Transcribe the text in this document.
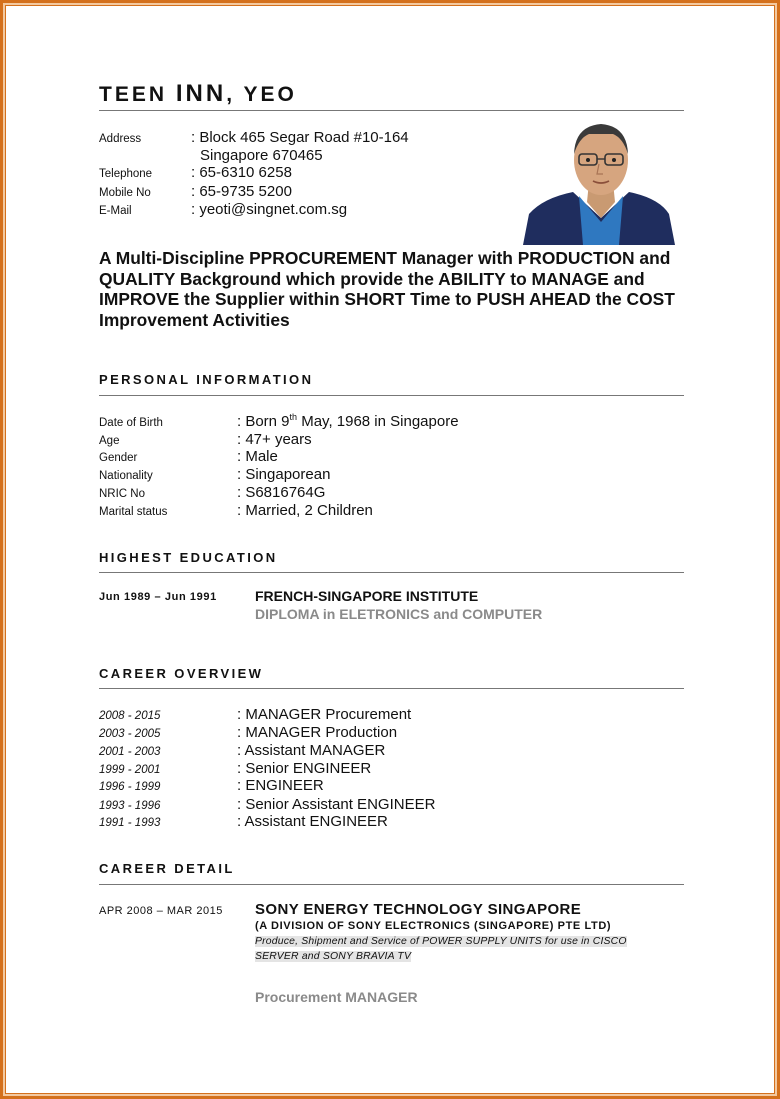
TEEN INN, YEO
Address	: Block 465 Segar Road #10-164
Singapore 670465
Telephone	: 65-6310 6258
Mobile No	: 65-9735 5200
E-Mail	: yeoti@singnet.com.sg
A Multi-Discipline PPROCUREMENT Manager with PRODUCTION and QUALITY Background which provide the ABILITY to MANAGE and IMPROVE the Supplier within SHORT Time to PUSH AHEAD the COST Improvement Activities
PERSONAL INFORMATION
Date of Birth	: Born 9th May, 1968 in Singapore
Age	: 47+ years
Gender	: Male
Nationality	: Singaporean
NRIC No	: S6816764G
Marital status	: Married, 2 Children
HIGHEST EDUCATION
Jun 1989 – Jun 1991	FRENCH-SINGAPORE INSTITUTE
DIPLOMA in ELETRONICS and COMPUTER
CAREER OVERVIEW
2008 - 2015	: MANAGER Procurement
2003 - 2005	: MANAGER Production
2001 - 2003	: Assistant MANAGER
1999 - 2001	: Senior ENGINEER
1996 - 1999	: ENGINEER
1993 - 1996	: Senior Assistant ENGINEER
1991 - 1993	: Assistant ENGINEER
CAREER DETAIL
APR 2008 – MAR 2015 SONY ENERGY TECHNOLOGY SINGAPORE
(A DIVISION OF SONY ELECTRONICS (SINGAPORE) PTE LTD)
Produce, Shipment and Service of POWER SUPPLY UNITS for use in CISCO
SERVER and SONY BRAVIA TV
Procurement MANAGER
